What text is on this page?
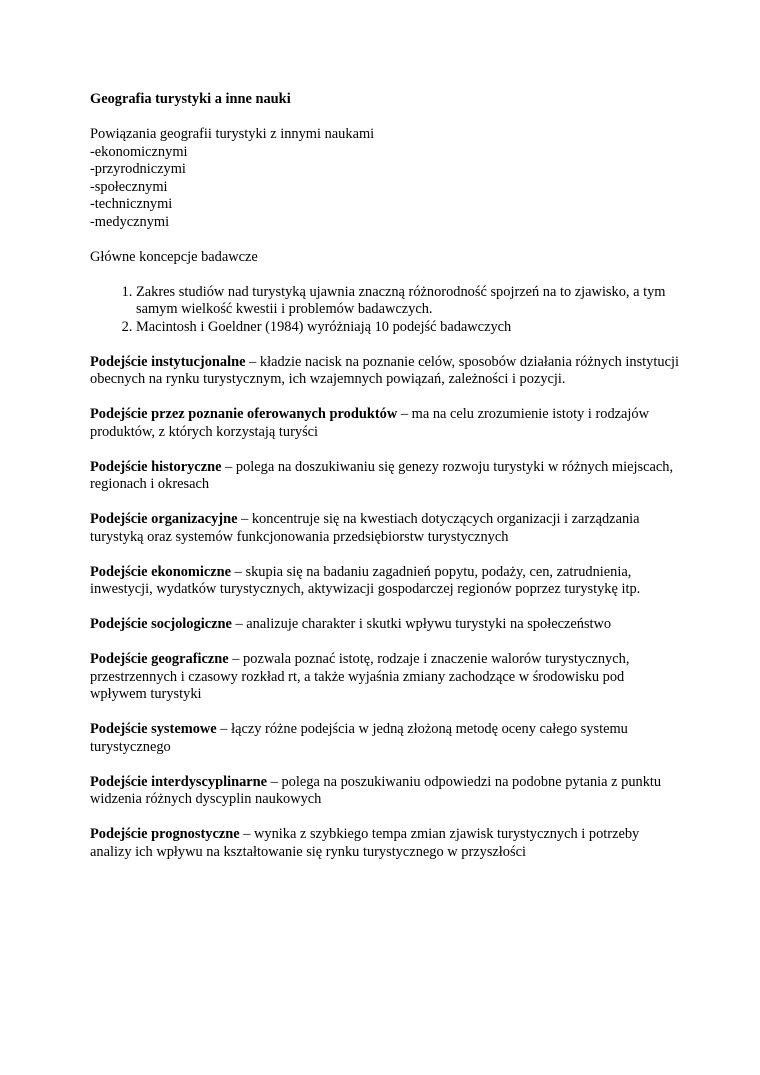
Geografia turystyki a inne nauki
Powiązania geografii turystyki z innymi naukami
-ekonomicznymi
-przyrodniczymi
-społecznymi
-technicznymi
-medycznymi
Główne koncepcje badawcze
1. Zakres studiów nad turystyką ujawnia znaczną różnorodność spojrzeń na to zjawisko, a tym samym wielkość kwestii i problemów badawczych.
2. Macintosh i Goeldner (1984) wyróżniają 10 podejść badawczych
Podejście instytucjonalne – kładzie nacisk na poznanie celów, sposobów działania różnych instytucji obecnych na rynku turystycznym, ich wzajemnych powiązań, zależności i pozycji.
Podejście przez poznanie oferowanych produktów – ma na celu zrozumienie istoty i rodzajów produktów, z których korzystają turyści
Podejście historyczne – polega na doszukiwaniu się genezy rozwoju turystyki w różnych miejscach, regionach i okresach
Podejście organizacyjne – koncentruje się na kwestiach dotyczących organizacji i zarządzania turystyką oraz systemów funkcjonowania przedsiębiorstw turystycznych
Podejście ekonomiczne – skupia się na badaniu zagadnień popytu, podaży, cen, zatrudnienia, inwestycji, wydatków turystycznych, aktywizacji gospodarczej regionów poprzez turystykę itp.
Podejście socjologiczne – analizuje charakter i skutki wpływu turystyki na społeczeństwo
Podejście geograficzne – pozwala poznać istotę, rodzaje i znaczenie walorów turystycznych, przestrzennych i czasowy rozkład rt, a także wyjaśnia zmiany zachodzące w środowisku pod wpływem turystyki
Podejście systemowe – łączy różne podejścia w jedną złożoną metodę oceny całego systemu turystycznego
Podejście interdyscyplinarne – polega na poszukiwaniu odpowiedzi na podobne pytania z punktu widzenia różnych dyscyplin naukowych
Podejście prognostyczne – wynika z szybkiego tempa zmian zjawisk turystycznych i potrzeby analizy ich wpływu na kształtowanie się rynku turystycznego w przyszłości
